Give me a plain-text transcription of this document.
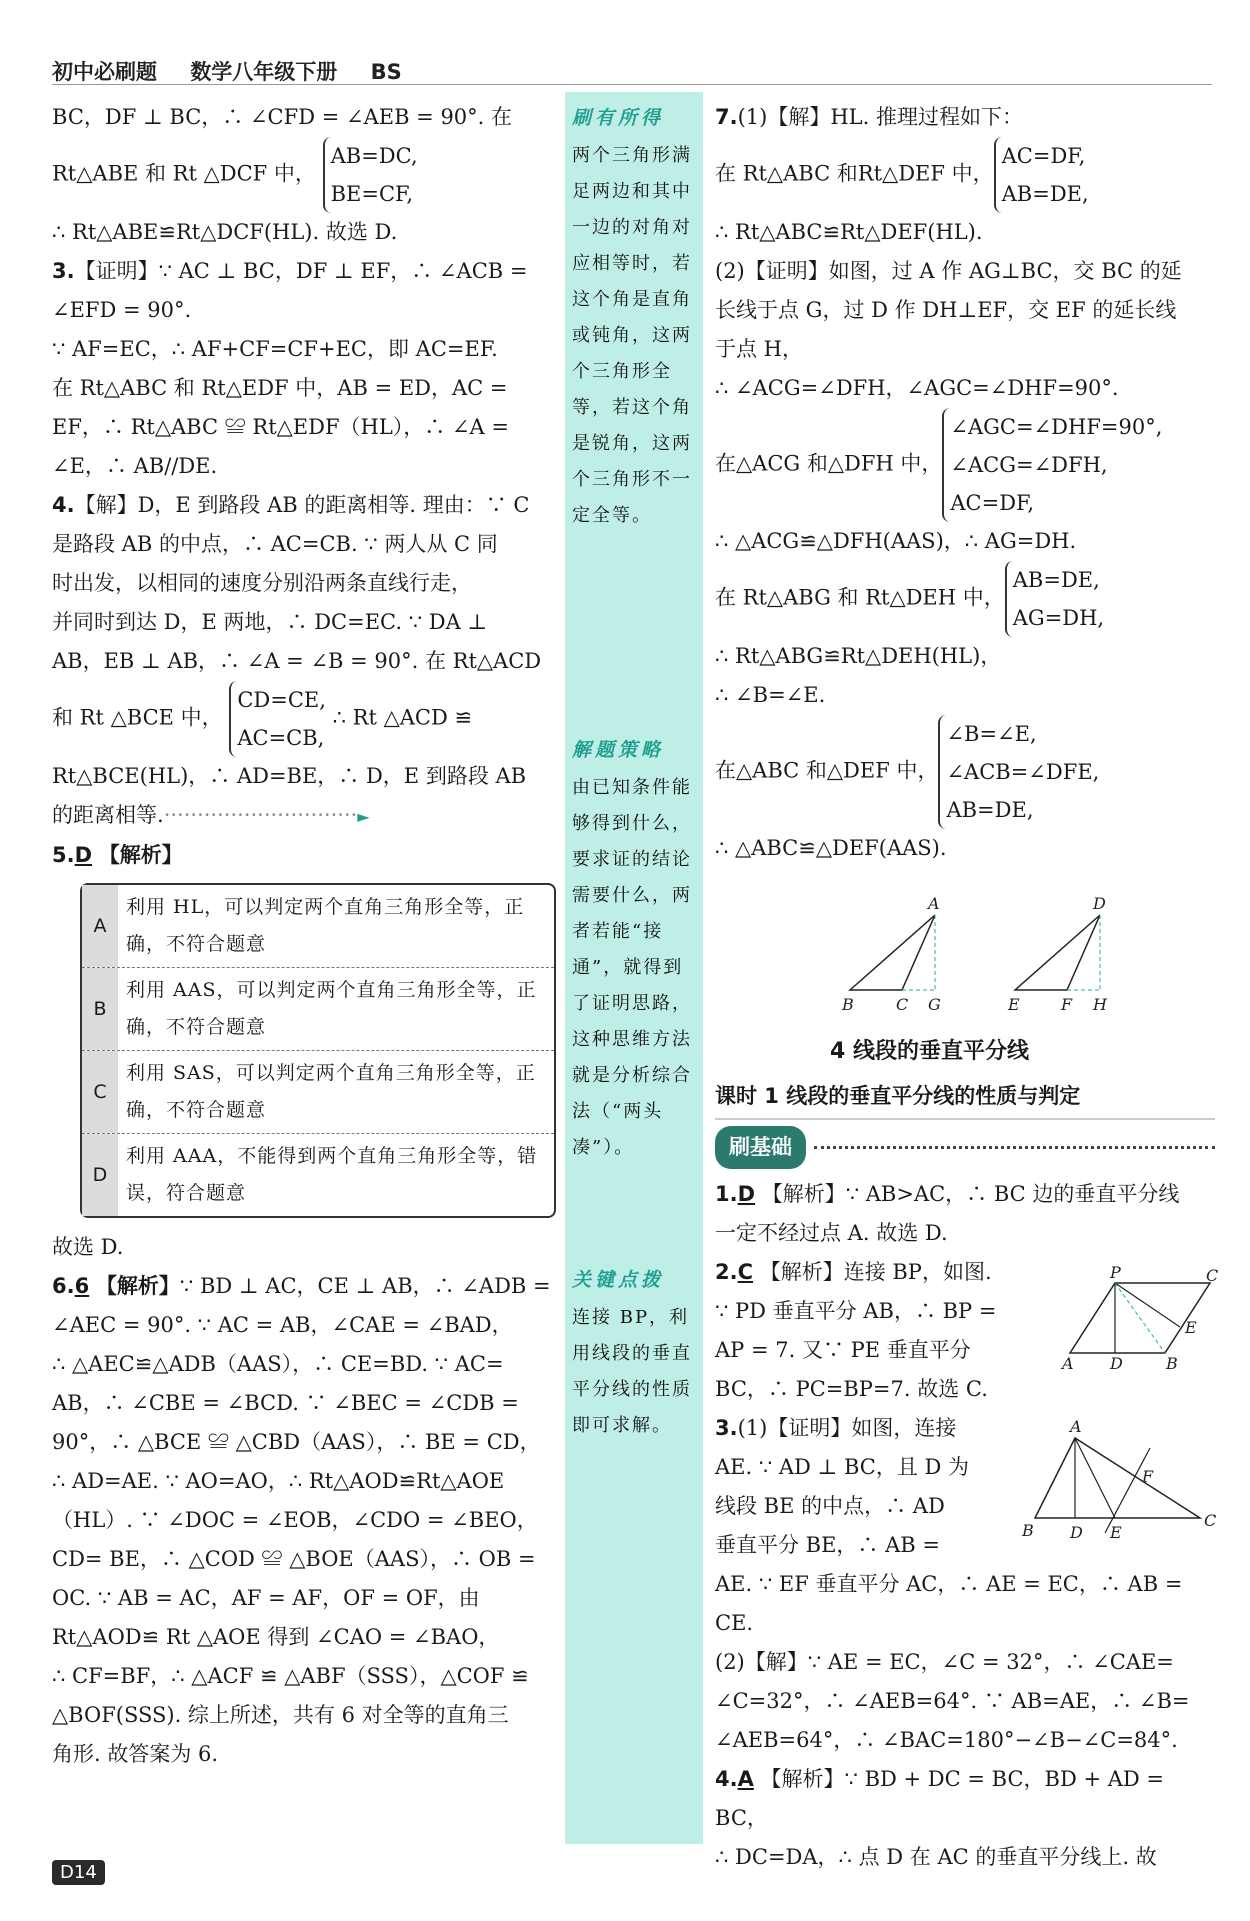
初中必刷题 数学八年级下册 BS

BC，DF ⊥ BC，∴ ∠CFD = ∠AEB = 90°. 在

Rt△ABE 和 Rt △DCF 中， AB=DC,
BE=CF,

∴ Rt△ABE≌Rt△DCF(HL). 故选 D.

3.【证明】∵ AC ⊥ BC，DF ⊥ EF，∴ ∠ACB =

∠EFD = 90°.

∵ AF=EC，∴ AF+CF=CF+EC，即 AC=EF.

在 Rt△ABC 和 Rt△EDF 中，AB = ED，AC =

EF，∴ Rt△ABC ≌ Rt△EDF（HL），∴ ∠A =

∠E，∴ AB//DE.

4.【解】D，E 到路段 AB 的距离相等. 理由：∵ C

是路段 AB 的中点，∴ AC=CB. ∵ 两人从 C 同

时出发，以相同的速度分别沿两条直线行走，

并同时到达 D，E 两地，∴ DC=EC. ∵ DA ⊥

AB，EB ⊥ AB，∴ ∠A = ∠B = 90°. 在 Rt△ACD

和 Rt △BCE 中， CD=CE,
AC=CB, ∴ Rt △ACD ≌

Rt△BCE(HL)，∴ AD=BE，∴ D，E 到路段 AB

的距离相等.·····························►

5.D 【解析】

A
利用 HL，可以判定两个直角三角形全等，正确，不符合题意
B
利用 AAS，可以判定两个直角三角形全等，正确，不符合题意
C
利用 SAS，可以判定两个直角三角形全等，正确，不符合题意
D
利用 AAA，不能得到两个直角三角形全等，错误，符合题意

故选 D.

6.6 【解析】∵ BD ⊥ AC，CE ⊥ AB，∴ ∠ADB =

∠AEC = 90°. ∵ AC = AB，∠CAE = ∠BAD，

∴ △AEC≌△ADB（AAS），∴ CE=BD. ∵ AC=

AB，∴ ∠CBE = ∠BCD. ∵ ∠BEC = ∠CDB =

90°，∴ △BCE ≌ △CBD（AAS），∴ BE = CD，

∴ AD=AE. ∵ AO=AO，∴ Rt△AOD≌Rt△AOE

（HL）. ∵ ∠DOC = ∠EOB，∠CDO = ∠BEO，

CD= BE，∴ △COD ≌ △BOE（AAS），∴ OB =

OC. ∵ AB = AC，AF = AF，OF = OF，由

Rt△AOD≌ Rt △AOE 得到 ∠CAO = ∠BAO，

∴ CF=BF，∴ △ACF ≌ △ABF（SSS），△COF ≌

△BOF(SSS). 综上所述，共有 6 对全等的直角三

角形. 故答案为 6.

刷有所得
两个三角形满足两边和其中一边的对角对应相等时，若这个角是直角或钝角，这两个三角形全等，若这个角是锐角，这两个三角形不一定全等。
解题策略
由已知条件能够得到什么，要求证的结论需要什么，两者若能“接通”，就得到了证明思路，这种思维方法就是分析综合法（“两头凑”）。
关键点拨
连接 BP，利用线段的垂直平分线的性质即可求解。

7.(1)【解】HL. 推理过程如下：

在 Rt△ABC 和Rt△DEF 中，AC=DF,
AB=DE,

∴ Rt△ABC≌Rt△DEF(HL).

(2)【证明】如图，过 A 作 AG⊥BC，交 BC 的延

长线于点 G，过 D 作 DH⊥EF，交 EF 的延长线

于点 H，

∴ ∠ACG=∠DFH，∠AGC=∠DHF=90°.

在△ACG 和△DFH 中，∠AGC=∠DHF=90°,
∠ACG=∠DFH,
AC=DF,

∴ △ACG≌△DFH(AAS)，∴ AG=DH.

在 Rt△ABG 和 Rt△DEH 中，AB=DE,
AG=DH,

∴ Rt△ABG≌Rt△DEH(HL)，

∴ ∠B=∠E.

在△ABC 和△DEF 中，∠B=∠E,
∠ACB=∠DFE,
AB=DE,

∴ △ABC≌△DEF(AAS).

A
B	C G
D
E	F H

4 线段的垂直平分线

课时 1 线段的垂直平分线的性质与判定

刷基础

1.D 【解析】∵ AB>AC，∴ BC 边的垂直平分线

一定不经过点 A. 故选 D.

2.C 【解析】连接 BP，如图.

∵ PD 垂直平分 AB，∴ BP =

AP = 7. 又∵ PE 垂直平分

BC，∴ PC=BP=7. 故选 C.

3.(1)【证明】如图，连接

AE. ∵ AD ⊥ BC，且 D 为

线段 BE 的中点，∴ AD

垂直平分 BE，∴ AB =

AE. ∵ EF 垂直平分 AC，∴ AE = EC，∴ AB =

CE.

(2)【解】∵ AE = EC，∠C = 32°，∴ ∠CAE=

∠C=32°，∴ ∠AEB=64°. ∵ AB=AE，∴ ∠B=

∠AEB=64°，∴ ∠BAC=180°−∠B−∠C=84°.

4.A 【解析】∵ BD + DC = BC，BD + AD = BC，

∴ DC=DA，∴ 点 D 在 AC 的垂直平分线上. 故

P	C
E
A D	B
A
F
B D E
C
D14
